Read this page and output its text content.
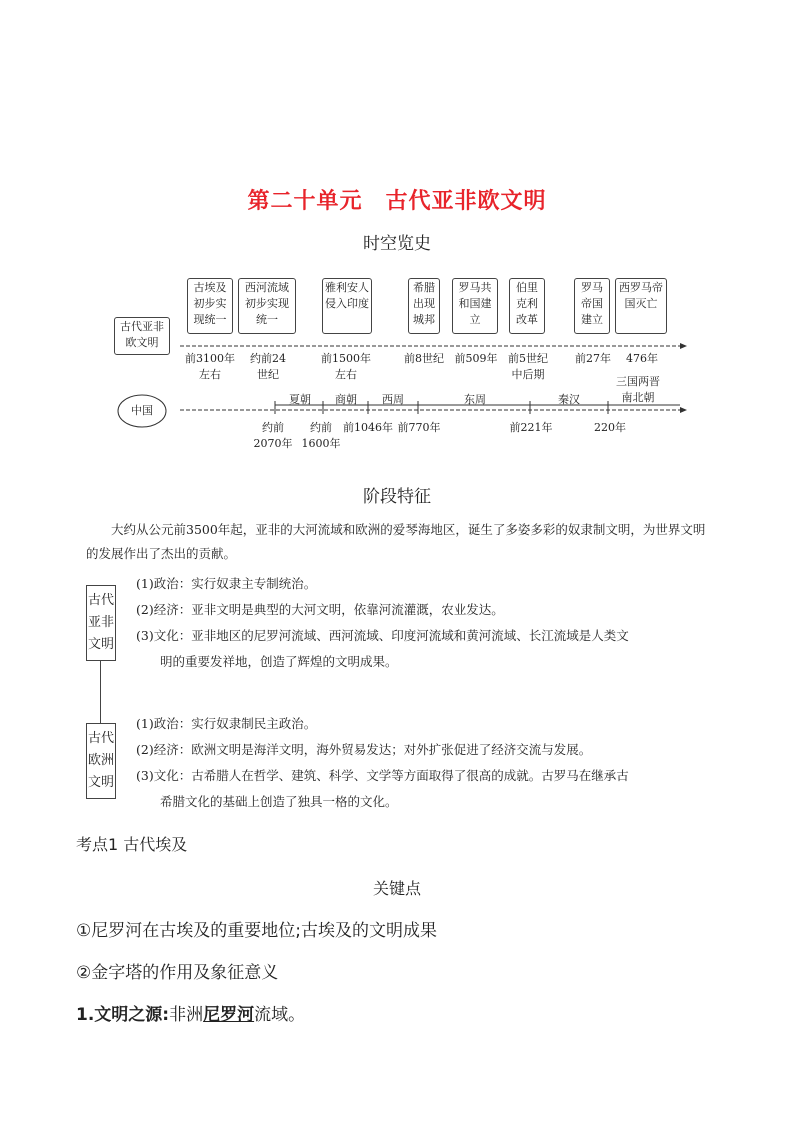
第二十单元　古代亚非欧文明
时空览史
古代亚非欧文明
中国
古埃及初步实现统一
西河流域初步实现统一
雅利安人侵入印度
希腊出现城邦
罗马共和国建立
伯里克利改革
罗马帝国建立
西罗马帝国灭亡
前3100年
左右
约前24
世纪
前1500年
左右
前8世纪 前509年 前5世纪
中后期
前27年	476年
夏朝	商朝	西周	东周	秦汉
三国两晋
南北朝
约前
2070年
约前
1600年
前1046年 前770年	前221年	220年
阶段特征
大约从公元前3500年起，亚非的大河流域和欧洲的爱琴海地区，诞生了多姿多彩的奴隶制文明，为世界文明的发展作出了杰出的贡献。
古代亚非文明
古代欧洲文明
(1)政治：实行奴隶主专制统治。
(2)经济：亚非文明是典型的大河文明，依靠河流灌溉，农业发达。
(3)文化：亚非地区的尼罗河流域、西河流域、印度河流域和黄河流域、长江流域是人类文
明的重要发祥地，创造了辉煌的文明成果。
(1)政治：实行奴隶制民主政治。
(2)经济：欧洲文明是海洋文明，海外贸易发达；对外扩张促进了经济交流与发展。
(3)文化：古希腊人在哲学、建筑、科学、文学等方面取得了很高的成就。古罗马在继承古
希腊文化的基础上创造了独具一格的文化。
考点1 古代埃及
关键点
①尼罗河在古埃及的重要地位;古埃及的文明成果
②金字塔的作用及象征意义
1.文明之源:非洲尼罗河流域。
